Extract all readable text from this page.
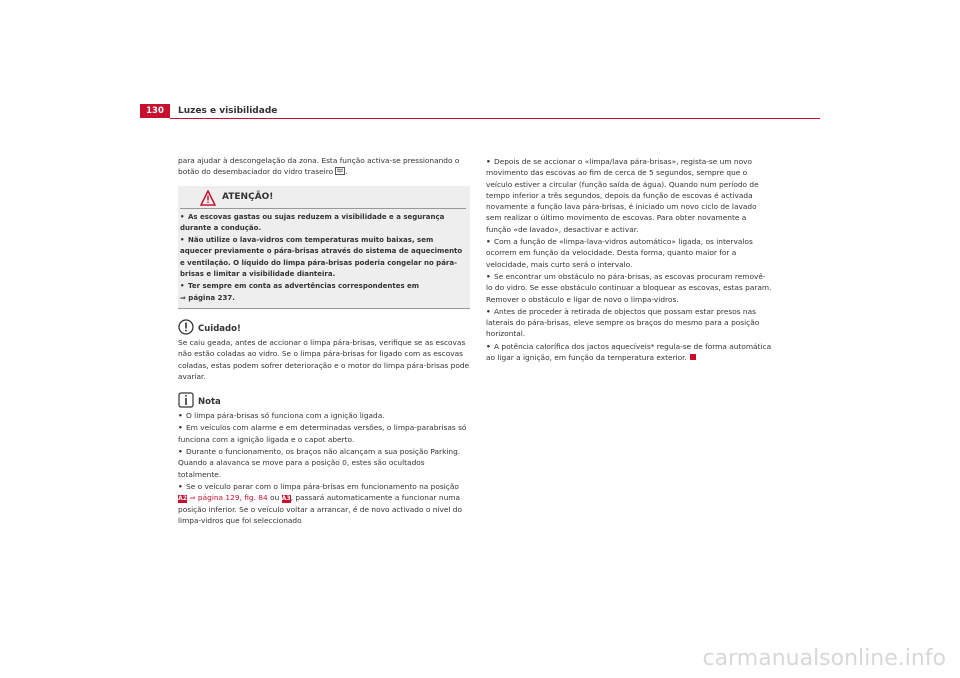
130	Luzes e visibilidade

para ajudar à descongelação da zona. Esta função activa-se pressionando o botão do desembaciador do vidro traseiro .

ATENÇÃO!

• As escovas gastas ou sujas reduzem a visibilidade e a segurança durante a condução.

• Não utilize o lava-vidros com temperaturas muito baixas, sem aquecer previamente o pára-brisas através do sistema de aquecimento e ventilação. O líquido do limpa pára-brisas poderia congelar no pára-brisas e limitar a visibilidade dianteira.

• Ter sempre em conta as advertências correspondentes em
⇒ página 237.

Cuidado!

Se caiu geada, antes de accionar o limpa pára-brisas, verifique se as escovas não estão coladas ao vidro. Se o limpa pára-brisas for ligado com as escovas coladas, estas podem sofrer deterioração e o motor do limpa pára-brisas pode avariar.

Nota

• O limpa pára-brisas só funciona com a ignição ligada.

• Em veículos com alarme e em determinadas versões, o limpa-parabrisas só funciona com a ignição ligada e o capot aberto.

• Durante o funcionamento, os braços não alcançam a sua posição Parking. Quando a alavanca se move para a posição 0, estes são ocultados totalmente.

• Se o veículo parar com o limpa pára-brisas em funcionamento na posição A2 ⇒ página 129, fig. 84 ou A3, passará automaticamente a funcionar numa posição inferior. Se o veículo voltar a arrancar, é de novo activado o nível do limpa-vidros que foi seleccionado

• Depois de se accionar o «limpa/lava pára-brisas», regista-se um novo movimento das escovas ao fim de cerca de 5 segundos, sempre que o veículo estiver a circular (função saída de água). Quando num período de tempo inferior a três segundos, depois da função de escovas é activada novamente a função lava pára-brisas, é iniciado um novo ciclo de lavado sem realizar o último movimento de escovas. Para obter novamente a função «de lavado», desactivar e activar.

• Com a função de «limpa-lava-vidros automático» ligada, os intervalos ocorrem em função da velocidade. Desta forma, quanto maior for a velocidade, mais curto será o intervalo.

• Se encontrar um obstáculo no pára-brisas, as escovas procuram removê-lo do vidro. Se esse obstáculo continuar a bloquear as escovas, estas param. Remover o obstáculo e ligar de novo o limpa-vidros.

• Antes de proceder à retirada de objectos que possam estar presos nas laterais do pára-brisas, eleve sempre os braços do mesmo para a posição horizontal.

• A potência calorífica dos jactos aquecíveis* regula-se de forma automática ao ligar a ignição, em função da temperatura exterior.

carmanualsonline.info
